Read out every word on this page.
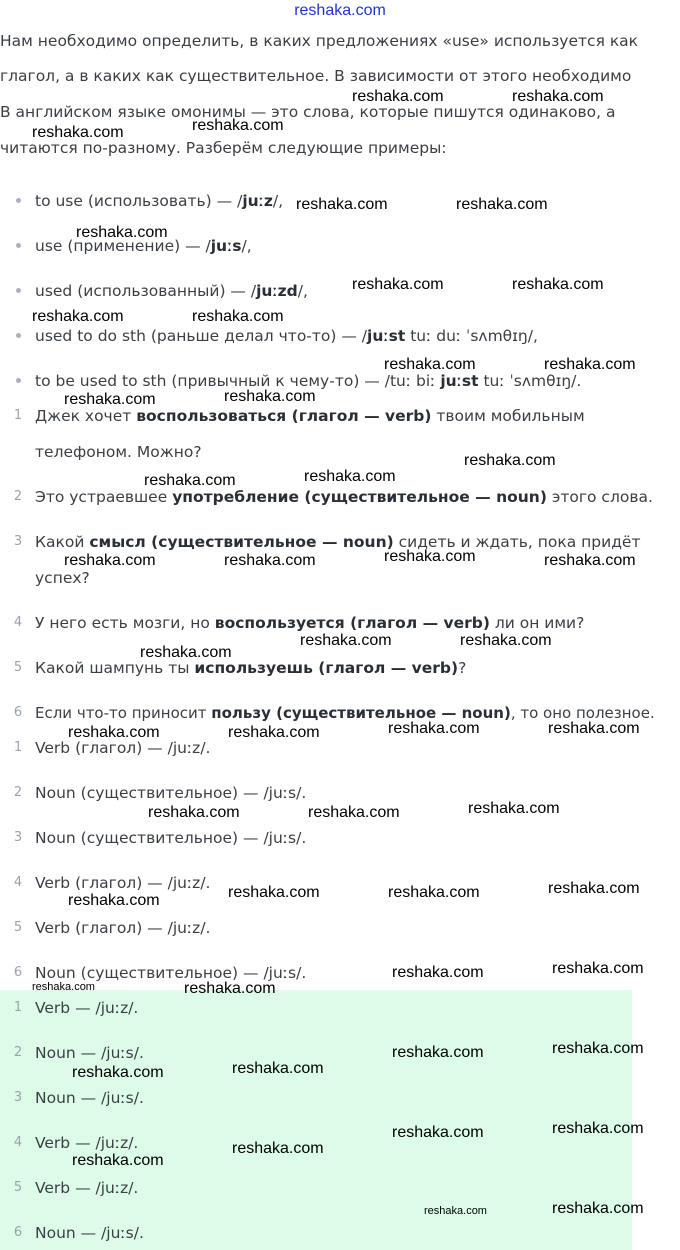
reshaka.com
Нам необходимо определить, в каких предложениях «use» используется как
глагол, а в каких как существительное. В зависимости от этого необходимо
В английском языке омонимы — это слова, которые пишутся одинаково, а
читаются по-разному. Разберём следующие примеры:
to use (использовать) — /juːz/,
use (применение) — /juːs/,
used (использованный) — /juːzd/,
used to do sth (раньше делал что-то) — /juːst tuː duː ˈsʌmθɪŋ/,
to be used to sth (привычный к чему-то) — /tuː biː juːst tuː ˈsʌmθɪŋ/.
1 Джек хочет воспользоваться (глагол — verb) твоим мобильным
телефоном. Можно?
2 Это устраевшее употребление (существительное — noun) этого слова.
3 Какой смысл (существительное — noun) сидеть и ждать, пока придёт
успех?
4 У него есть мозги, но воспользуется (глагол — verb) ли он ими?
5 Какой шампунь ты используешь (глагол — verb)?
6 Если что-то приносит пользу (существительное — noun), то оно полезное.
1 Verb (глагол) — /juːz/.
2 Noun (существительное) — /juːs/.
3 Noun (существительное) — /juːs/.
4 Verb (глагол) — /juːz/.
5 Verb (глагол) — /juːz/.
6 Noun (существительное) — /juːs/.
1 Verb — /juːz/.
2 Noun — /juːs/.
3 Noun — /juːs/.
4 Verb — /juːz/.
5 Verb — /juːz/.
6 Noun — /juːs/.
reshaka.com	reshaka.com
reshaka.com
reshaka.com
reshaka.com	reshaka.com
reshaka.com
reshaka.com	reshaka.com
reshaka.com	reshaka.com
reshaka.com	reshaka.com
reshaka.com	reshaka.com
reshaka.com
reshaka.com	reshaka.com
reshaka.com
reshaka.com	reshaka.com	reshaka.com
reshaka.com	reshaka.com
reshaka.com
reshaka.com	reshaka.com
reshaka.com	reshaka.com
reshaka.com
reshaka.com	reshaka.com
reshaka.com	reshaka.com	reshaka.com
reshaka.com
reshaka.com	reshaka.com
reshaka.com	reshaka.com
reshaka.com	reshaka.com
reshaka.com
reshaka.com
reshaka.com	reshaka.com
reshaka.com
reshaka.com
reshaka.com	reshaka.com
